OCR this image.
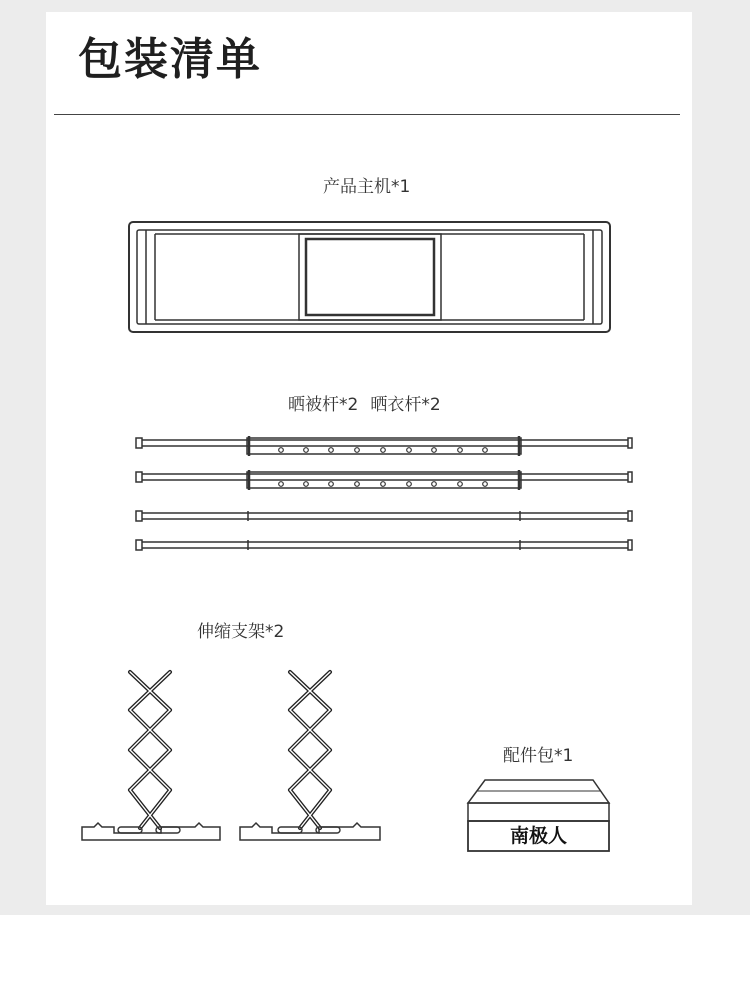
包装清单
产品主机*1
晒被杆*2 晒衣杆*2
伸缩支架*2
配件包*1
南极人
